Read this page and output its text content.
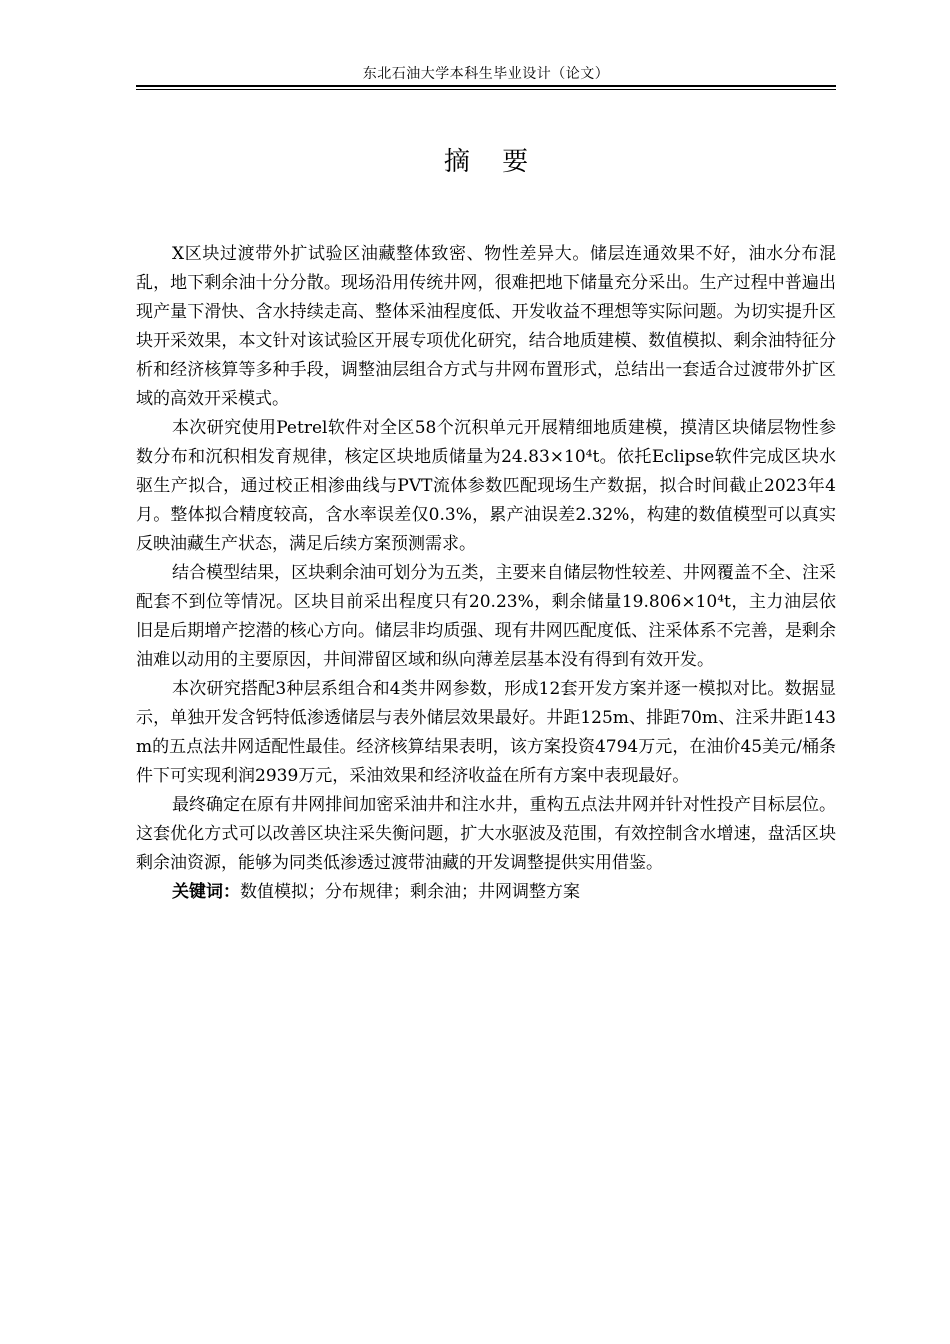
东北石油大学本科生毕业设计（论文）
摘 要

X区块过渡带外扩试验区油藏整体致密、物性差异大。储层连通效果不好，油水分布混乱，地下剩余油十分分散。现场沿用传统井网，很难把地下储量充分采出。生产过程中普遍出现产量下滑快、含水持续走高、整体采油程度低、开发收益不理想等实际问题。为切实提升区块开采效果，本文针对该试验区开展专项优化研究，结合地质建模、数值模拟、剩余油特征分析和经济核算等多种手段，调整油层组合方式与井网布置形式，总结出一套适合过渡带外扩区域的高效开采模式。

本次研究使用Petrel软件对全区58个沉积单元开展精细地质建模，摸清区块储层物性参数分布和沉积相发育规律，核定区块地质储量为24.83×10⁴t。依托Eclipse软件完成区块水驱生产拟合，通过校正相渗曲线与PVT流体参数匹配现场生产数据，拟合时间截止2023年4月。整体拟合精度较高，含水率误差仅0.3%，累产油误差2.32%，构建的数值模型可以真实反映油藏生产状态，满足后续方案预测需求。

结合模型结果，区块剩余油可划分为五类，主要来自储层物性较差、井网覆盖不全、注采配套不到位等情况。区块目前采出程度只有20.23%，剩余储量19.806×10⁴t，主力油层依旧是后期增产挖潜的核心方向。储层非均质强、现有井网匹配度低、注采体系不完善，是剩余油难以动用的主要原因，井间滞留区域和纵向薄差层基本没有得到有效开发。

本次研究搭配3种层系组合和4类井网参数，形成12套开发方案并逐一模拟对比。数据显示，单独开发含钙特低渗透储层与表外储层效果最好。井距125m、排距70m、注采井距143m的五点法井网适配性最佳。经济核算结果表明，该方案投资4794万元，在油价45美元/桶条件下可实现利润2939万元，采油效果和经济收益在所有方案中表现最好。

最终确定在原有井网排间加密采油井和注水井，重构五点法井网并针对性投产目标层位。这套优化方式可以改善区块注采失衡问题，扩大水驱波及范围，有效控制含水增速，盘活区块剩余油资源，能够为同类低渗透过渡带油藏的开发调整提供实用借鉴。

关键词：数值模拟；分布规律；剩余油；井网调整方案
